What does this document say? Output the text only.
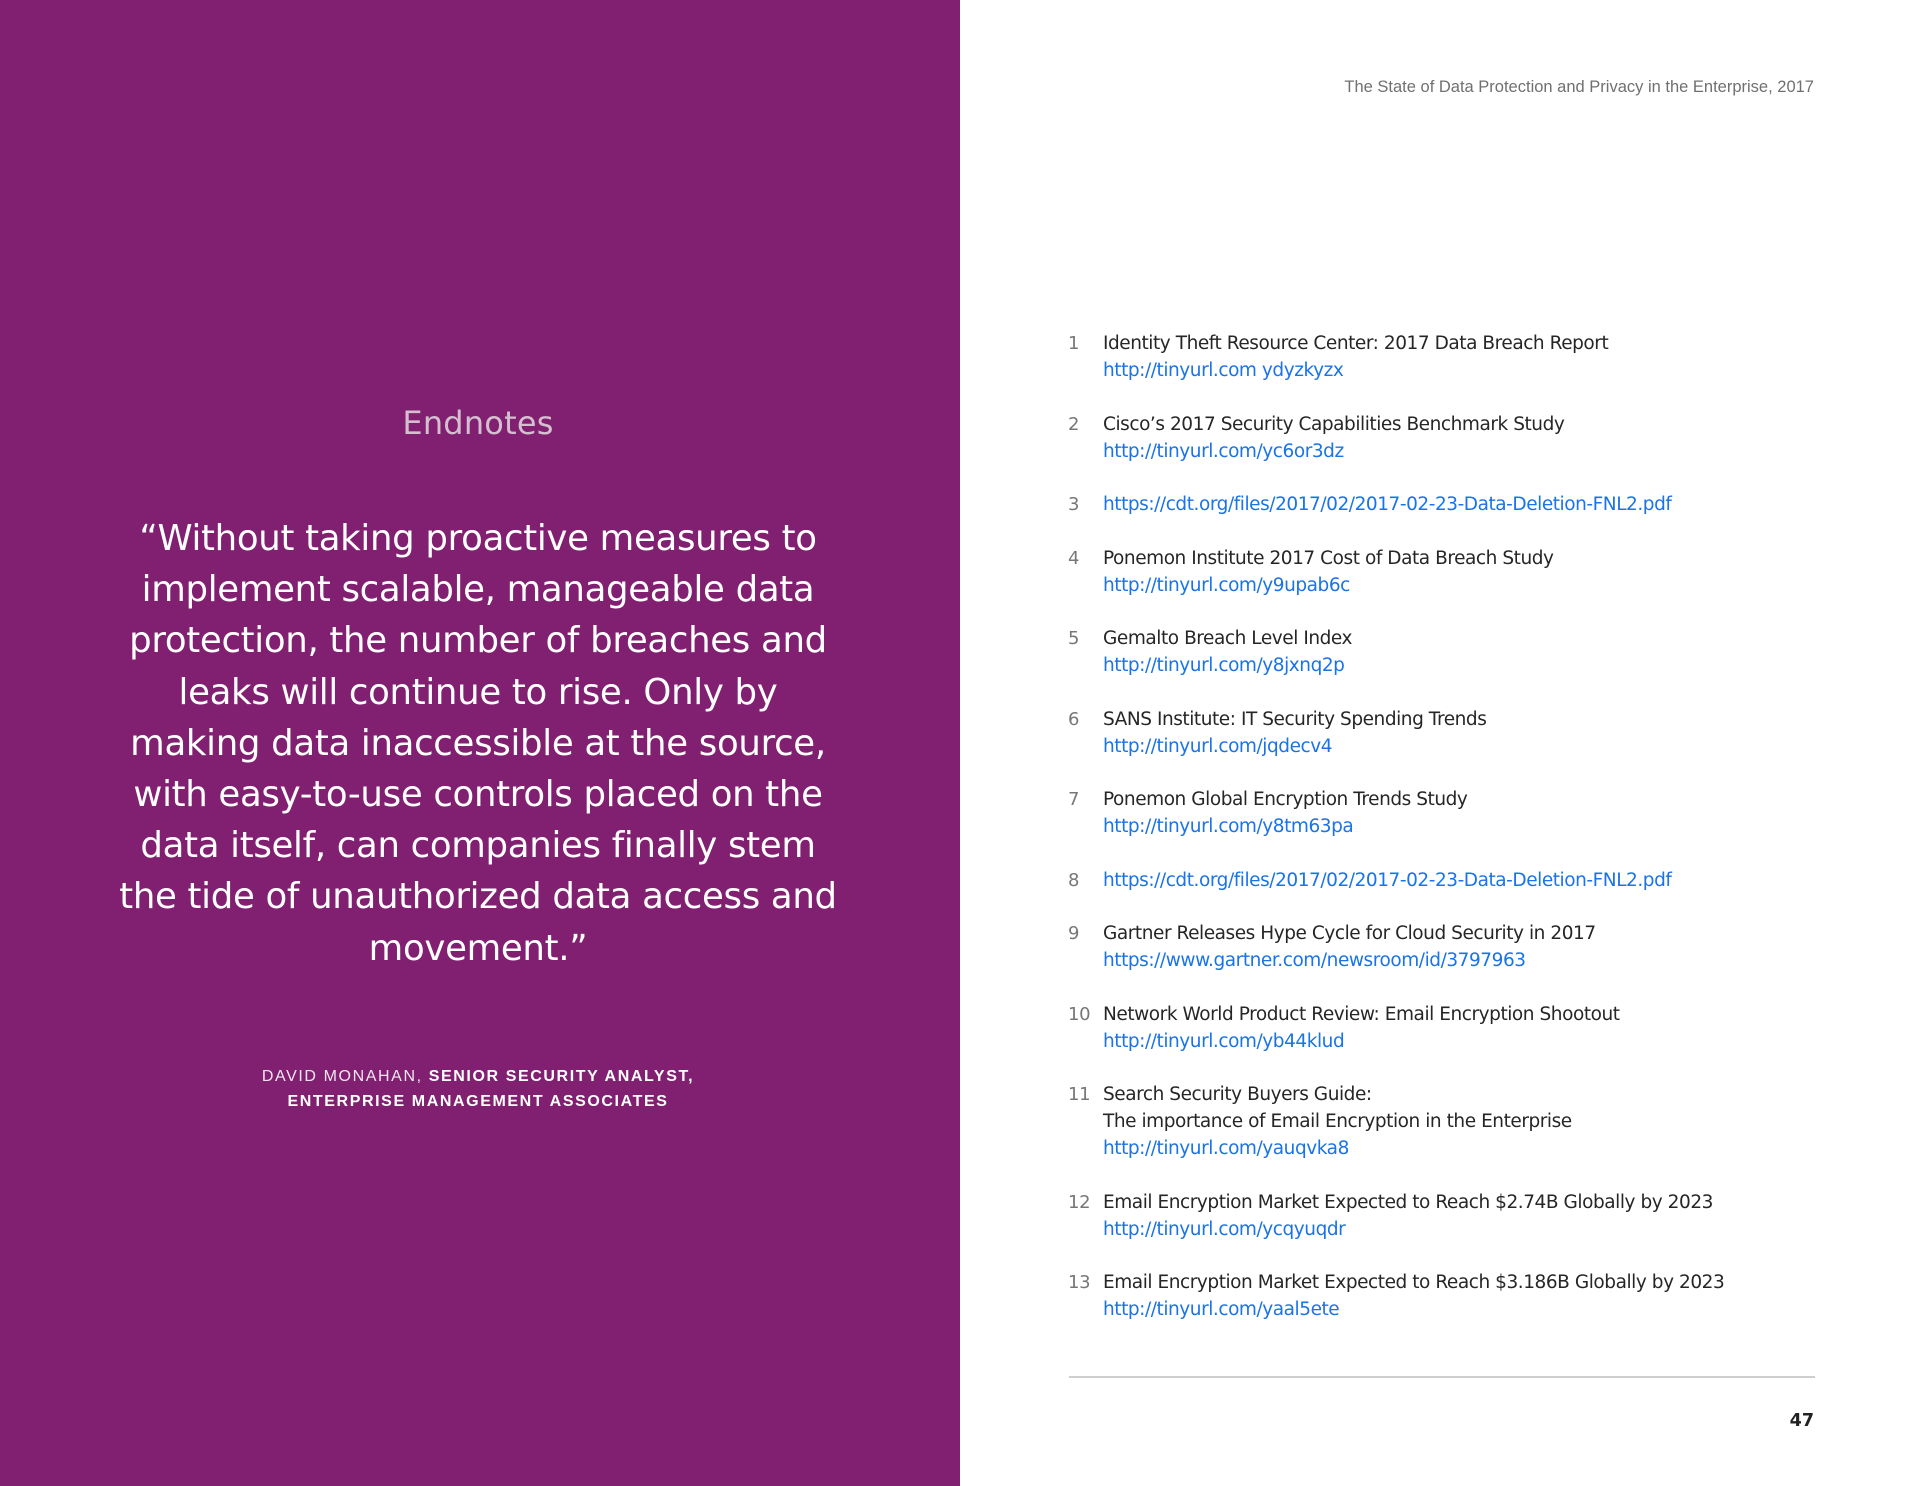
Endnotes
“Without taking proactive measures to implement scalable, manageable data protection, the number of breaches and leaks will continue to rise. Only by making data inaccessible at the source, with easy-to-use controls placed on the data itself, can companies finally stem the tide of unauthorized data access and movement.”
DAVID MONAHAN, SENIOR SECURITY ANALYST,
ENTERPRISE MANAGEMENT ASSOCIATES
The State of Data Protection and Privacy in the Enterprise, 2017
1 Identity Theft Resource Center: 2017 Data Breach Report
http://tinyurl.com ydyzkyzx
2 Cisco’s 2017 Security Capabilities Benchmark Study
http://tinyurl.com/yc6or3dz
3 https://cdt.org/files/2017/02/2017-02-23-Data-Deletion-FNL2.pdf
4 Ponemon Institute 2017 Cost of Data Breach Study
http://tinyurl.com/y9upab6c
5 Gemalto Breach Level Index
http://tinyurl.com/y8jxnq2p
6 SANS Institute: IT Security Spending Trends
http://tinyurl.com/jqdecv4
7 Ponemon Global Encryption Trends Study
http://tinyurl.com/y8tm63pa
8 https://cdt.org/files/2017/02/2017-02-23-Data-Deletion-FNL2.pdf
9 Gartner Releases Hype Cycle for Cloud Security in 2017
https://www.gartner.com/newsroom/id/3797963
10 Network World Product Review: Email Encryption Shootout
http://tinyurl.com/yb44klud
11 Search Security Buyers Guide:
The importance of Email Encryption in the Enterprise
http://tinyurl.com/yauqvka8
12 Email Encryption Market Expected to Reach $2.74B Globally by 2023
http://tinyurl.com/ycqyuqdr
13 Email Encryption Market Expected to Reach $3.186B Globally by 2023
http://tinyurl.com/yaal5ete
47
